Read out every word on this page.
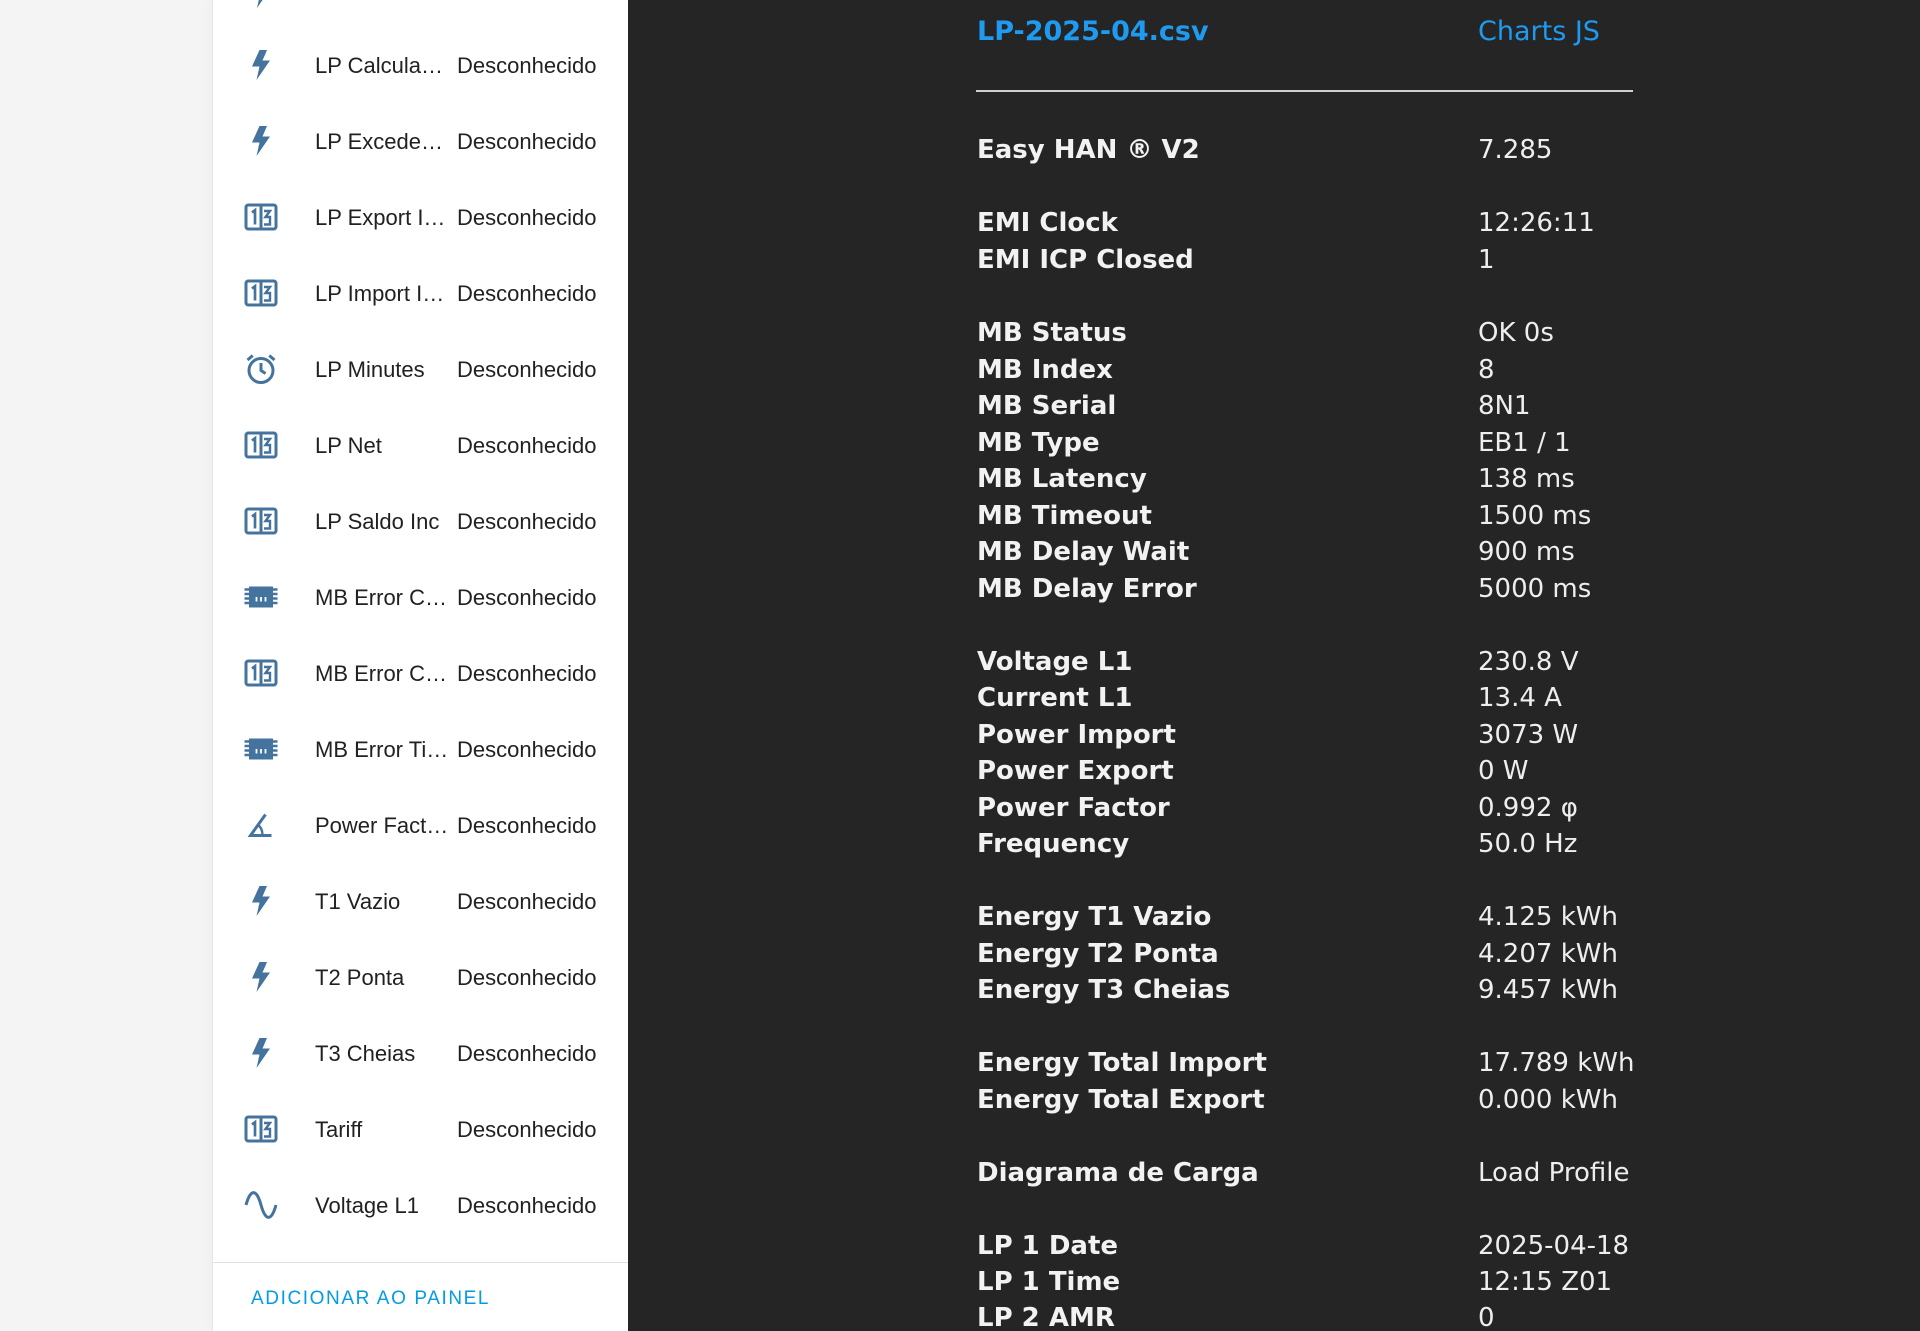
LP Calcula… Desconhecido
LP Excede… Desconhecido
LP Export I… Desconhecido
LP Import I… Desconhecido
LP Minutes	Desconhecido
LP Net	Desconhecido
LP Saldo Inc Desconhecido
MB Error C… Desconhecido
MB Error C… Desconhecido
MB Error Ti… Desconhecido
Power Fact… Desconhecido
T1 Vazio	Desconhecido
T2 Ponta	Desconhecido
T3 Cheias	Desconhecido
Tariff	Desconhecido
Voltage L1	Desconhecido
ADICIONAR AO PAINEL
LP-2025-04.csv	Charts JS
Easy HAN ® V2	7.285
EMI Clock	12:26:11
EMI ICP Closed	1
MB Status	OK 0s
MB Index	8
MB Serial	8N1
MB Type	EB1 / 1
MB Latency	138 ms
MB Timeout	1500 ms
MB Delay Wait	900 ms
MB Delay Error	5000 ms
Voltage L1	230.8 V
Current L1	13.4 A
Power Import	3073 W
Power Export	0 W
Power Factor	0.992 φ
Frequency	50.0 Hz
Energy T1 Vazio	4.125 kWh
Energy T2 Ponta	4.207 kWh
Energy T3 Cheias	9.457 kWh
Energy Total Import	17.789 kWh
Energy Total Export	0.000 kWh
Diagrama de Carga	Load Profile
LP 1 Date	2025-04-18
LP 1 Time	12:15 Z01
LP 2 AMR	0
